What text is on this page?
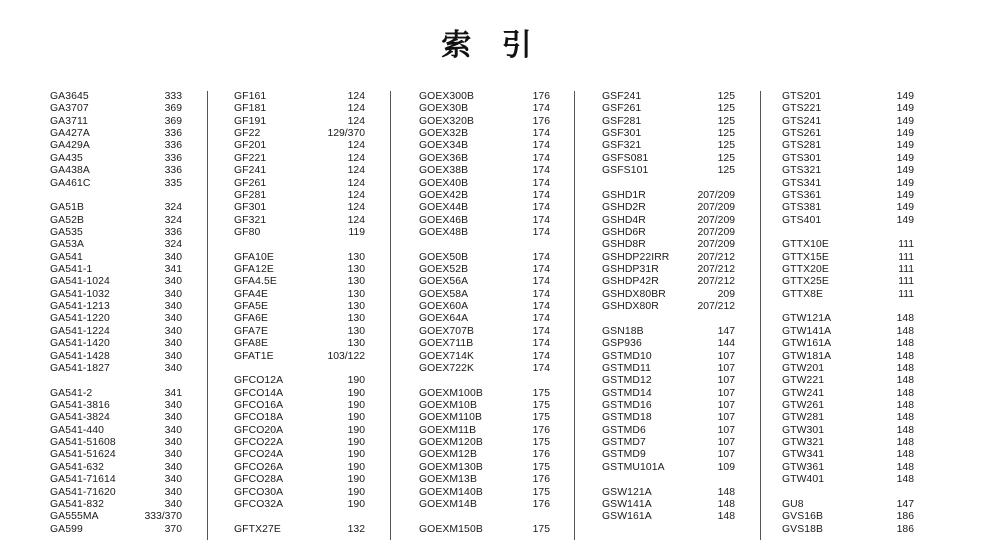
索 引
GA3645	333
GA3707	369
GA3711	369
GA427A	336
GA429A	336
GA435	336
GA438A	336
GA461C	335
GA51B	324
GA52B	324
GA535	336
GA53A	324
GA541	340
GA541-1	341
GA541-1024	340
GA541-1032	340
GA541-1213	340
GA541-1220	340
GA541-1224	340
GA541-1420	340
GA541-1428	340
GA541-1827	340
GA541-2	341
GA541-3816	340
GA541-3824	340
GA541-440	340
GA541-51608	340
GA541-51624	340
GA541-632	340
GA541-71614	340
GA541-71620	340
GA541-832	340
GA555MA	333/370
GA599	370
GF161	124
GF181	124
GF191	124
GF22	129/370
GF201	124
GF221	124
GF241	124
GF261	124
GF281	124
GF301	124
GF321	124
GF80	119
GFA10E	130
GFA12E	130
GFA4.5E	130
GFA4E	130
GFA5E	130
GFA6E	130
GFA7E	130
GFA8E	130
GFAT1E	103/122
GFCO12A	190
GFCO14A	190
GFCO16A	190
GFCO18A	190
GFCO20A	190
GFCO22A	190
GFCO24A	190
GFCO26A	190
GFCO28A	190
GFCO30A	190
GFCO32A	190
GFTX27E	132
GOEX300B	176
GOEX30B	174
GOEX320B	176
GOEX32B	174
GOEX34B	174
GOEX36B	174
GOEX38B	174
GOEX40B	174
GOEX42B	174
GOEX44B	174
GOEX46B	174
GOEX48B	174
GOEX50B	174
GOEX52B	174
GOEX56A	174
GOEX58A	174
GOEX60A	174
GOEX64A	174
GOEX707B	174
GOEX711B	174
GOEX714K	174
GOEX722K	174
GOEXM100B	175
GOEXM10B	175
GOEXM110B	175
GOEXM11B	176
GOEXM120B	175
GOEXM12B	176
GOEXM130B	175
GOEXM13B	176
GOEXM140B	175
GOEXM14B	176
GOEXM150B	175
GSF241	125
GSF261	125
GSF281	125
GSF301	125
GSF321	125
GSFS081	125
GSFS101	125
GSHD1R	207/209
GSHD2R	207/209
GSHD4R	207/209
GSHD6R	207/209
GSHD8R	207/209
GSHDP22IRR	207/212
GSHDP31R	207/212
GSHDP42R	207/212
GSHDX80BR	209
GSHDX80R	207/212
GSN18B	147
GSP936	144
GSTMD10	107
GSTMD11	107
GSTMD12	107
GSTMD14	107
GSTMD16	107
GSTMD18	107
GSTMD6	107
GSTMD7	107
GSTMD9	107
GSTMU101A	109
GSW121A	148
GSW141A	148
GSW161A	148
GTS201	149
GTS221	149
GTS241	149
GTS261	149
GTS281	149
GTS301	149
GTS321	149
GTS341	149
GTS361	149
GTS381	149
GTS401	149
GTTX10E	111
GTTX15E	111
GTTX20E	111
GTTX25E	111
GTTX8E	111
GTW121A	148
GTW141A	148
GTW161A	148
GTW181A	148
GTW201	148
GTW221	148
GTW241	148
GTW261	148
GTW281	148
GTW301	148
GTW321	148
GTW341	148
GTW361	148
GTW401	148
GU8	147
GVS16B	186
GVS18B	186
